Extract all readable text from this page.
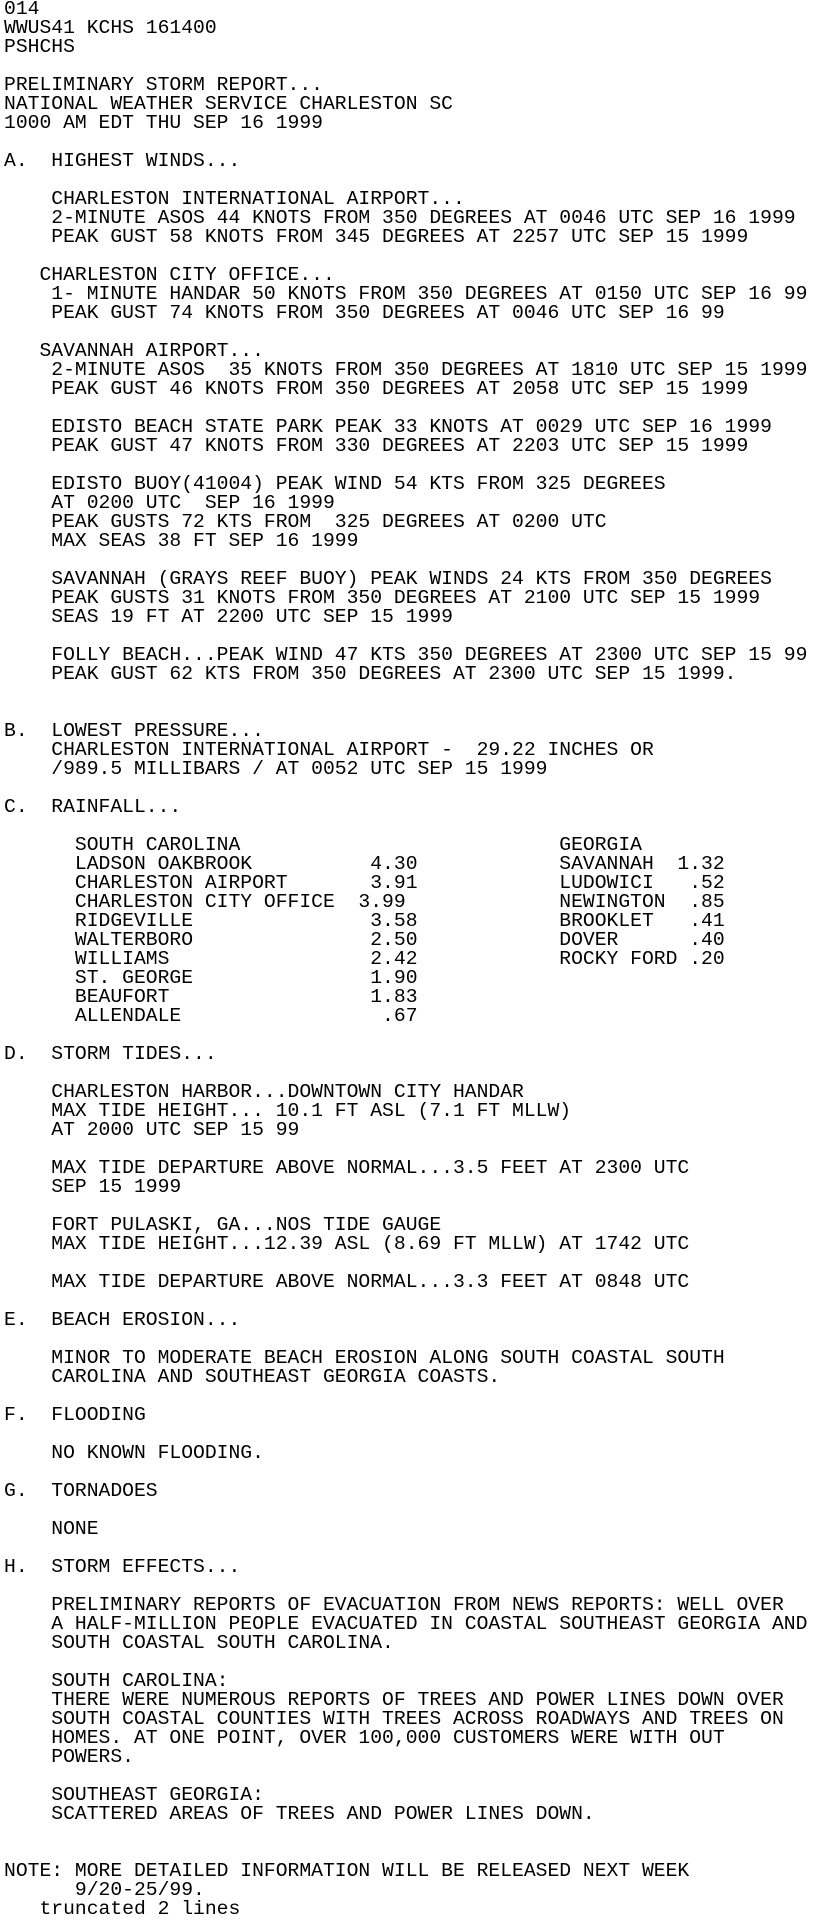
014
WWUS41 KCHS 161400
PSHCHS

PRELIMINARY STORM REPORT...
NATIONAL WEATHER SERVICE CHARLESTON SC
1000 AM EDT THU SEP 16 1999

A.  HIGHEST WINDS...

CHARLESTON INTERNATIONAL AIRPORT...
2-MINUTE ASOS 44 KNOTS FROM 350 DEGREES AT 0046 UTC SEP 16 1999
PEAK GUST 58 KNOTS FROM 345 DEGREES AT 2257 UTC SEP 15 1999

CHARLESTON CITY OFFICE...
1- MINUTE HANDAR 50 KNOTS FROM 350 DEGREES AT 0150 UTC SEP 16 99
PEAK GUST 74 KNOTS FROM 350 DEGREES AT 0046 UTC SEP 16 99

SAVANNAH AIRPORT...
2-MINUTE ASOS  35 KNOTS FROM 350 DEGREES AT 1810 UTC SEP 15 1999
PEAK GUST 46 KNOTS FROM 350 DEGREES AT 2058 UTC SEP 15 1999

EDISTO BEACH STATE PARK PEAK 33 KNOTS AT 0029 UTC SEP 16 1999
PEAK GUST 47 KNOTS FROM 330 DEGREES AT 2203 UTC SEP 15 1999

EDISTO BUOY(41004) PEAK WIND 54 KTS FROM 325 DEGREES
AT 0200 UTC  SEP 16 1999
PEAK GUSTS 72 KTS FROM  325 DEGREES AT 0200 UTC
MAX SEAS 38 FT SEP 16 1999

SAVANNAH (GRAYS REEF BUOY) PEAK WINDS 24 KTS FROM 350 DEGREES
PEAK GUSTS 31 KNOTS FROM 350 DEGREES AT 2100 UTC SEP 15 1999
SEAS 19 FT AT 2200 UTC SEP 15 1999

FOLLY BEACH...PEAK WIND 47 KTS 350 DEGREES AT 2300 UTC SEP 15 99
PEAK GUST 62 KTS FROM 350 DEGREES AT 2300 UTC SEP 15 1999.

B.  LOWEST PRESSURE...
CHARLESTON INTERNATIONAL AIRPORT -  29.22 INCHES OR
/989.5 MILLIBARS / AT 0052 UTC SEP 15 1999

C.  RAINFALL...

SOUTH CAROLINA                           GEORGIA
LADSON OAKBROOK          4.30            SAVANNAH  1.32
CHARLESTON AIRPORT       3.91            LUDOWICI   .52
CHARLESTON CITY OFFICE  3.99             NEWINGTON  .85
RIDGEVILLE               3.58            BROOKLET   .41
WALTERBORO               2.50            DOVER      .40
WILLIAMS                 2.42            ROCKY FORD .20
ST. GEORGE               1.90
BEAUFORT                 1.83
ALLENDALE                 .67

D.  STORM TIDES...

CHARLESTON HARBOR...DOWNTOWN CITY HANDAR
MAX TIDE HEIGHT... 10.1 FT ASL (7.1 FT MLLW)
AT 2000 UTC SEP 15 99

MAX TIDE DEPARTURE ABOVE NORMAL...3.5 FEET AT 2300 UTC
SEP 15 1999

FORT PULASKI, GA...NOS TIDE GAUGE
MAX TIDE HEIGHT...12.39 ASL (8.69 FT MLLW) AT 1742 UTC

MAX TIDE DEPARTURE ABOVE NORMAL...3.3 FEET AT 0848 UTC

E.  BEACH EROSION...

MINOR TO MODERATE BEACH EROSION ALONG SOUTH COASTAL SOUTH
CAROLINA AND SOUTHEAST GEORGIA COASTS.

F.  FLOODING

NO KNOWN FLOODING.

G.  TORNADOES

NONE

H.  STORM EFFECTS...

PRELIMINARY REPORTS OF EVACUATION FROM NEWS REPORTS: WELL OVER
A HALF-MILLION PEOPLE EVACUATED IN COASTAL SOUTHEAST GEORGIA AND
SOUTH COASTAL SOUTH CAROLINA.

SOUTH CAROLINA:
THERE WERE NUMEROUS REPORTS OF TREES AND POWER LINES DOWN OVER
SOUTH COASTAL COUNTIES WITH TREES ACROSS ROADWAYS AND TREES ON
HOMES. AT ONE POINT, OVER 100,000 CUSTOMERS WERE WITH OUT
POWERS.

SOUTHEAST GEORGIA:
SCATTERED AREAS OF TREES AND POWER LINES DOWN.

NOTE: MORE DETAILED INFORMATION WILL BE RELEASED NEXT WEEK
9/20-25/99.
truncated 2 lines
